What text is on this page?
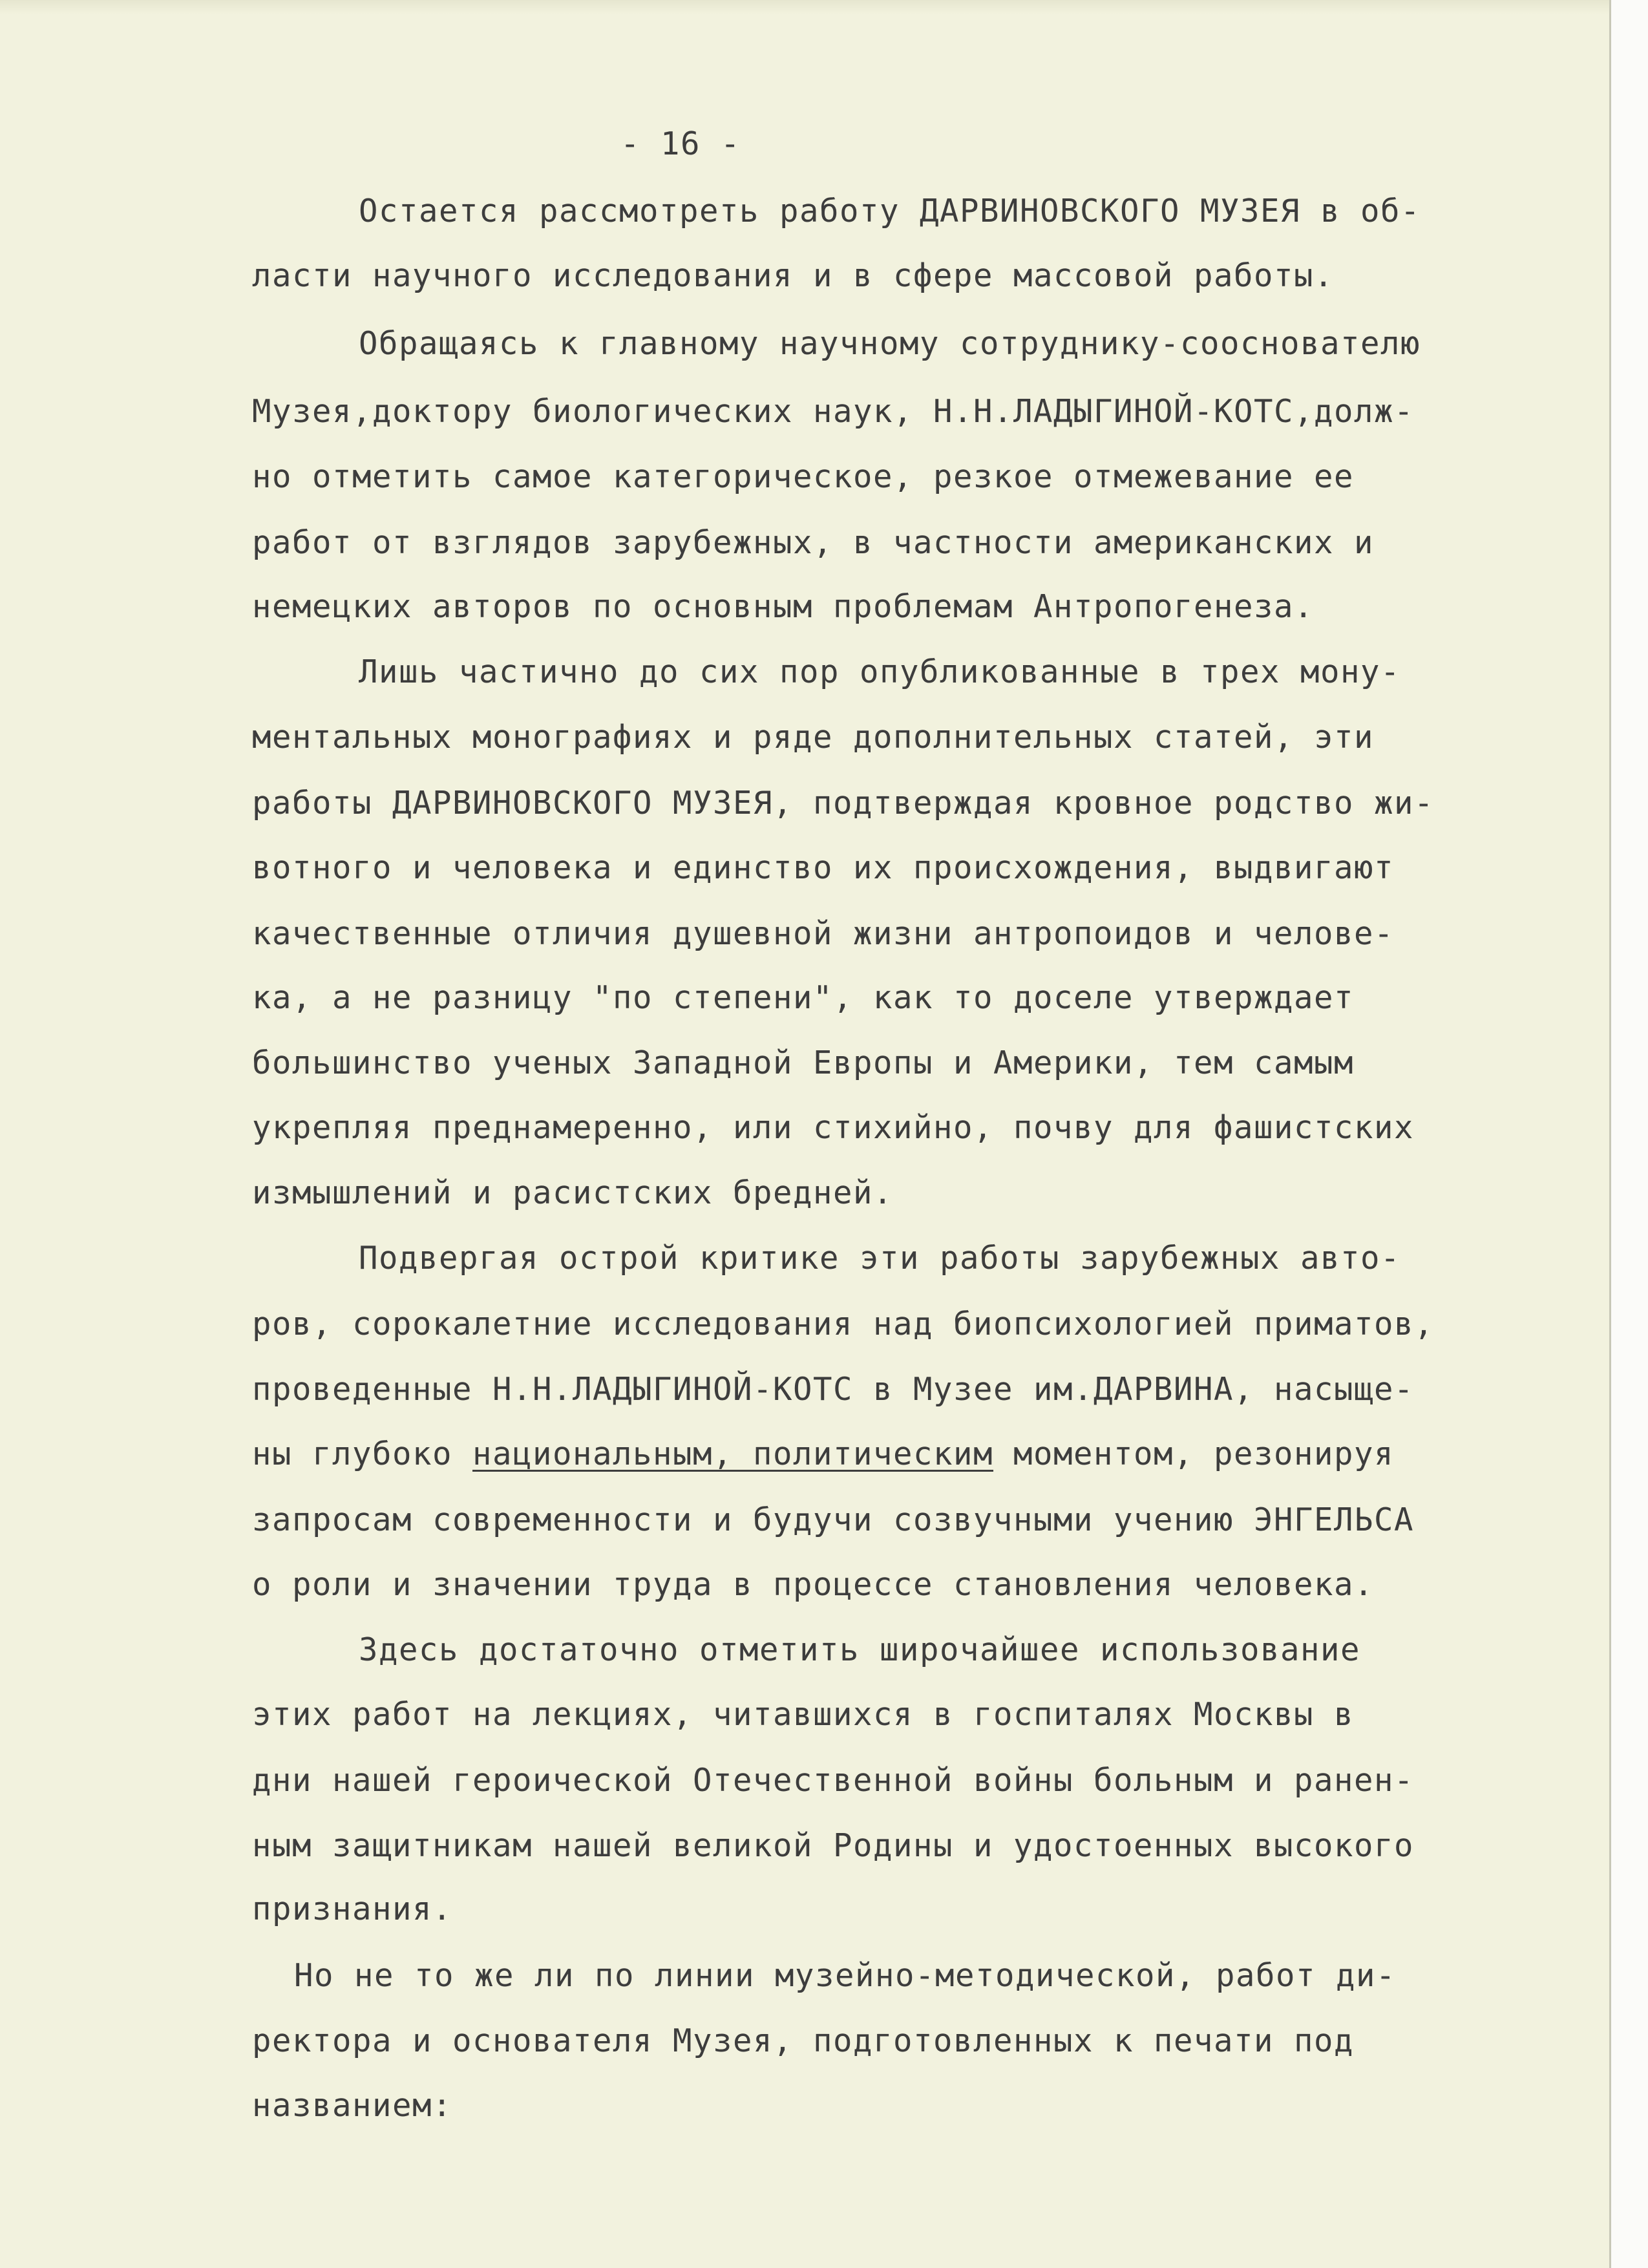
- 16 -
Остается рассмотреть работу ДАРВИНОВСКОГО МУЗЕЯ в об-
ласти научного исследования и в сфере массовой работы.
Обращаясь к главному научному сотруднику-сооснователю
Музея,доктору биологических наук, Н.Н.ЛАДЫГИНОЙ-КОТС,долж-
но отметить самое категорическое, резкое отмежевание ее
работ от взглядов зарубежных, в частности американских и
немецких авторов по основным проблемам Антропогенеза.
Лишь частично до сих пор опубликованные в трех мону-
ментальных монографиях и ряде дополнительных статей, эти
работы ДАРВИНОВСКОГО МУЗЕЯ, подтверждая кровное родство жи-
вотного и человека и единство их происхождения, выдвигают
качественные отличия душевной жизни антропоидов и челове-
ка, а не разницу "по степени", как то доселе утверждает
большинство ученых Западной Европы и Америки, тем самым
укрепляя преднамеренно, или стихийно, почву для фашистских
измышлений и расистских бредней.
Подвергая острой критике эти работы зарубежных авто-
ров, сорокалетние исследования над биопсихологией приматов,
проведенные Н.Н.ЛАДЫГИНОЙ-КОТС в Музее им.ДАРВИНА, насыще-
ны глубоко национальным, политическим моментом, резонируя
запросам современности и будучи созвучными учению ЭНГЕЛЬСА
о роли и значении труда в процессе становления человека.
Здесь достаточно отметить широчайшее использование
этих работ на лекциях, читавшихся в госпиталях Москвы в
дни нашей героической Отечественной войны больным и ранен-
ным защитникам нашей великой Родины и удостоенных высокого
признания.
Но не то же ли по линии музейно-методической, работ ди-
ректора и основателя Музея, подготовленных к печати под
названием:
